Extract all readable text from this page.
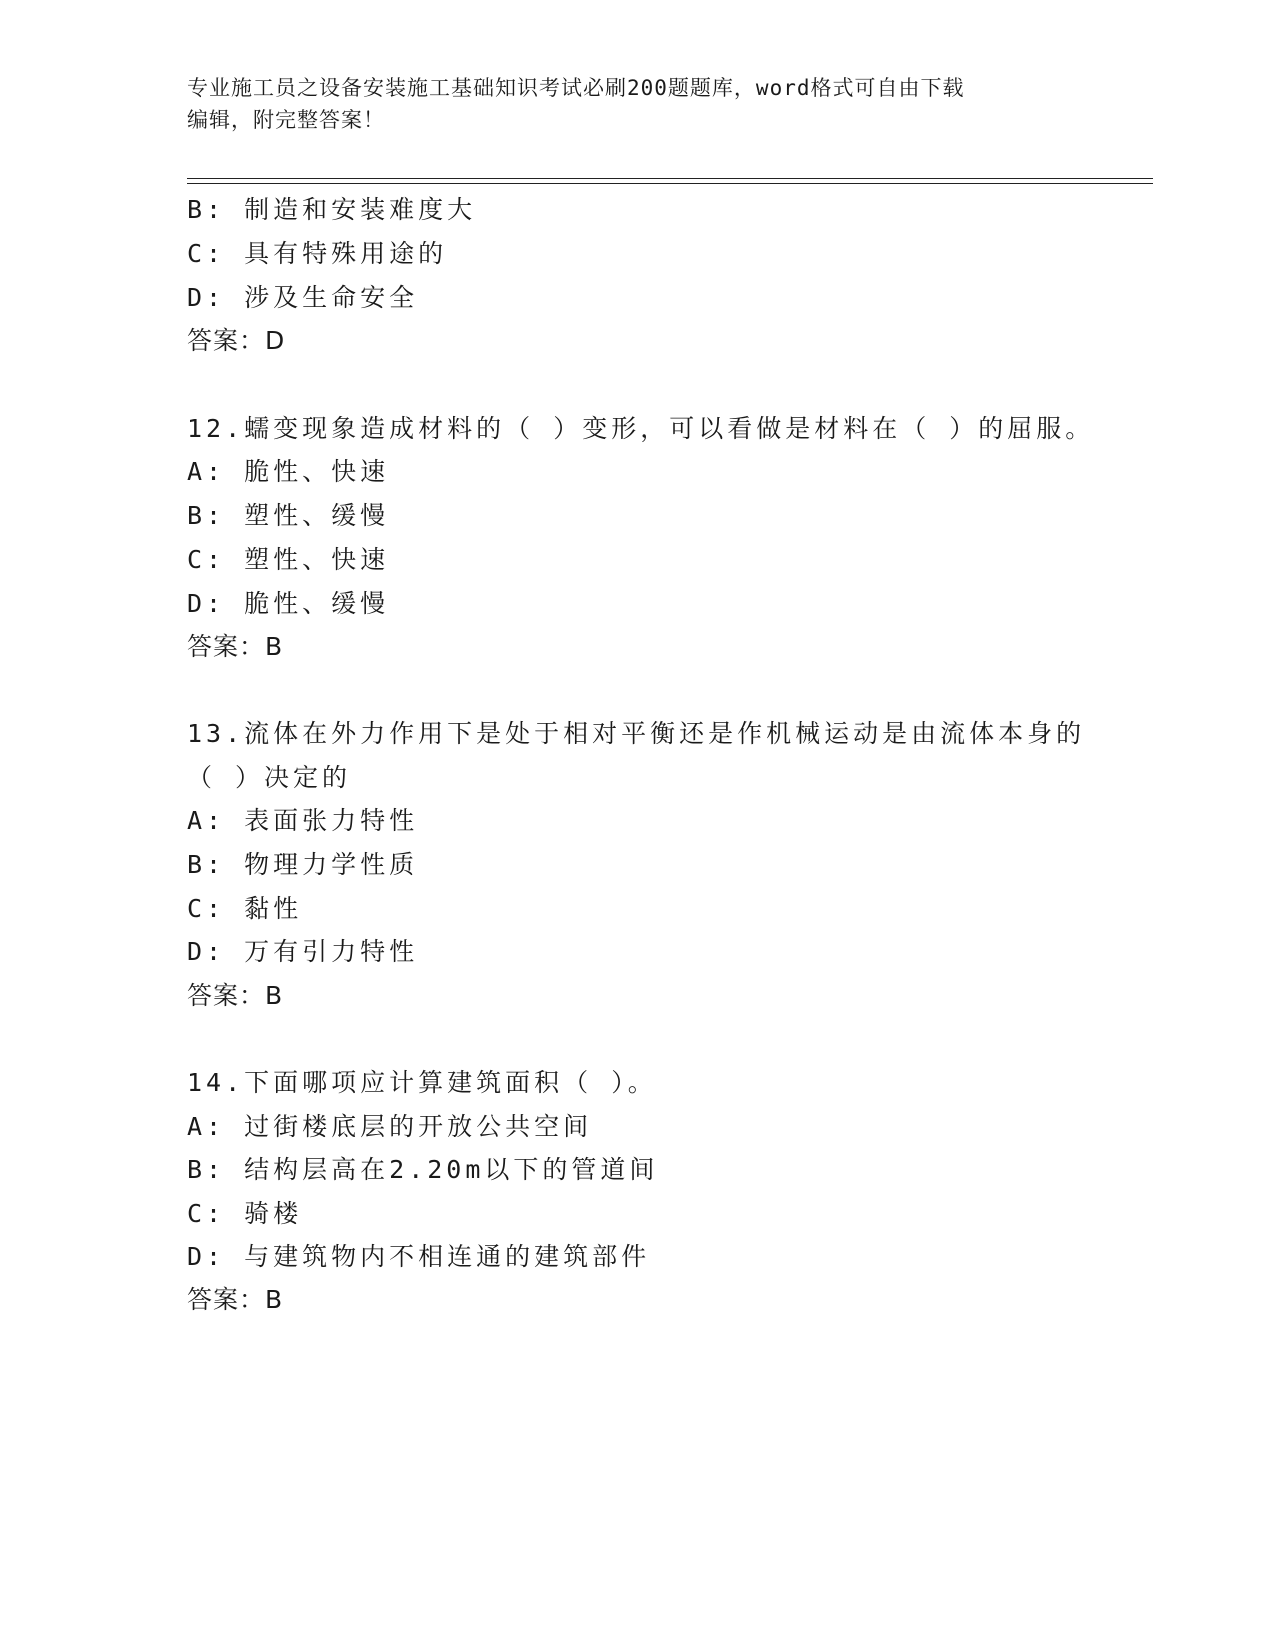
专业施工员之设备安装施工基础知识考试必刷200题题库，word格式可自由下载
编辑，附完整答案！
B: 制造和安装难度大
C: 具有特殊用途的
D: 涉及生命安全
答案：D
12.蠕变现象造成材料的（ ）变形，可以看做是材料在（ ）的屈服。
A: 脆性、快速
B: 塑性、缓慢
C: 塑性、快速
D: 脆性、缓慢
答案：B
13.流体在外力作用下是处于相对平衡还是作机械运动是由流体本身的
（ ）决定的
A: 表面张力特性
B: 物理力学性质
C: 黏性
D: 万有引力特性
答案：B
14.下面哪项应计算建筑面积（ ）。
A: 过街楼底层的开放公共空间
B: 结构层高在2.20m以下的管道间
C: 骑楼
D: 与建筑物内不相连通的建筑部件
答案：B
